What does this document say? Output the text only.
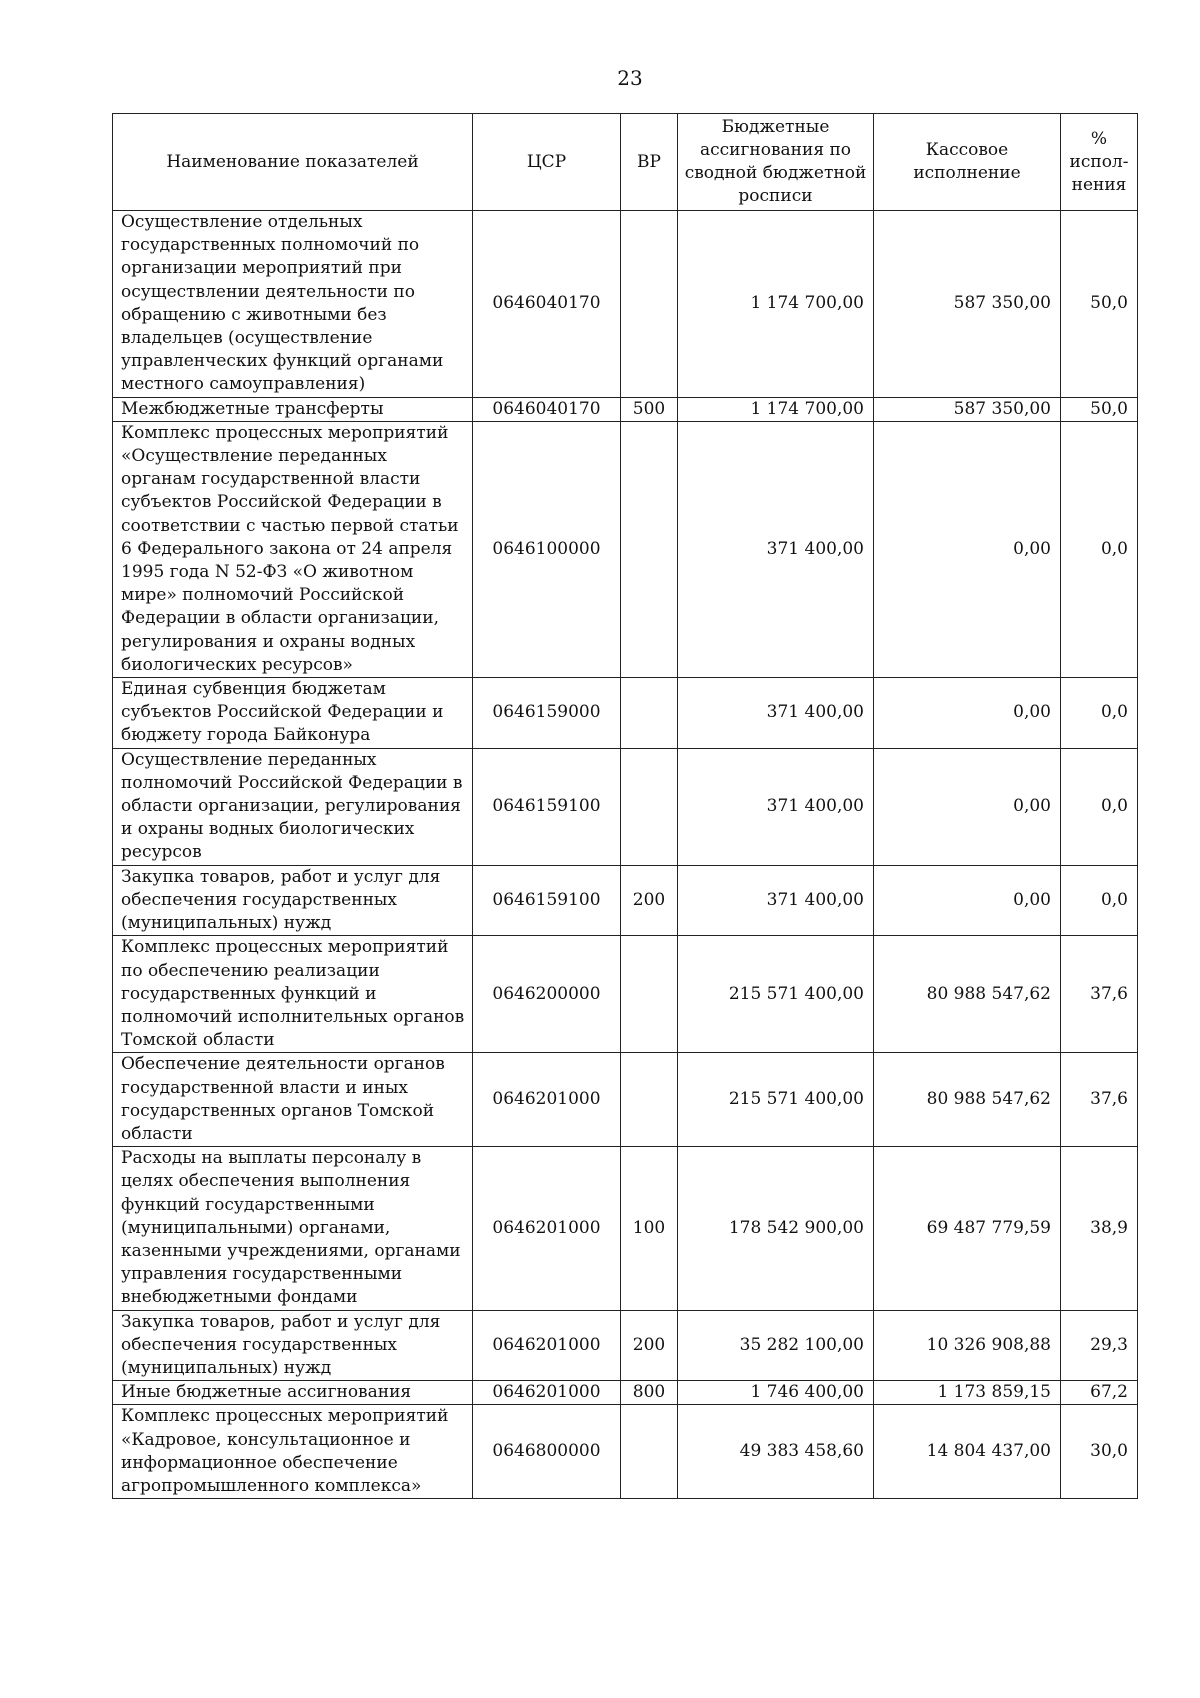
23
Наименование показателей	ЦСР	ВР	Бюджетные ассигнования по сводной бюджетной росписи	Кассовое исполнение	% испол-нения
Осуществление отдельных государственных полномочий по организации мероприятий при осуществлении деятельности по обращению с животными без владельцев (осуществление управленческих функций органами местного самоуправления)	0646040170		1 174 700,00	587 350,00	50,0
Межбюджетные трансферты	0646040170	500	1 174 700,00	587 350,00	50,0
Комплекс процессных мероприятий «Осуществление переданных органам государственной власти субъектов Российской Федерации в соответствии с частью первой статьи 6 Федерального закона от 24 апреля 1995 года N 52-ФЗ «О животном мире» полномочий Российской Федерации в области организации, регулирования и охраны водных биологических ресурсов»	0646100000		371 400,00	0,00	0,0
Единая субвенция бюджетам субъектов Российской Федерации и бюджету города Байконура	0646159000		371 400,00	0,00	0,0
Осуществление переданных полномочий Российской Федерации в области организации, регулирования и охраны водных биологических ресурсов	0646159100		371 400,00	0,00	0,0
Закупка товаров, работ и услуг для обеспечения государственных (муниципальных) нужд	0646159100	200	371 400,00	0,00	0,0
Комплекс процессных мероприятий по обеспечению реализации государственных функций и полномочий исполнительных органов Томской области	0646200000		215 571 400,00	80 988 547,62	37,6
Обеспечение деятельности органов государственной власти и иных государственных органов Томской области	0646201000		215 571 400,00	80 988 547,62	37,6
Расходы на выплаты персоналу в целях обеспечения выполнения функций государственными (муниципальными) органами, казенными учреждениями, органами управления государственными внебюджетными фондами	0646201000	100	178 542 900,00	69 487 779,59	38,9
Закупка товаров, работ и услуг для обеспечения государственных (муниципальных) нужд	0646201000	200	35 282 100,00	10 326 908,88	29,3
Иные бюджетные ассигнования	0646201000	800	1 746 400,00	1 173 859,15	67,2
Комплекс процессных мероприятий «Кадровое, консультационное и информационное обеспечение агропромышленного комплекса»	0646800000		49 383 458,60	14 804 437,00	30,0
